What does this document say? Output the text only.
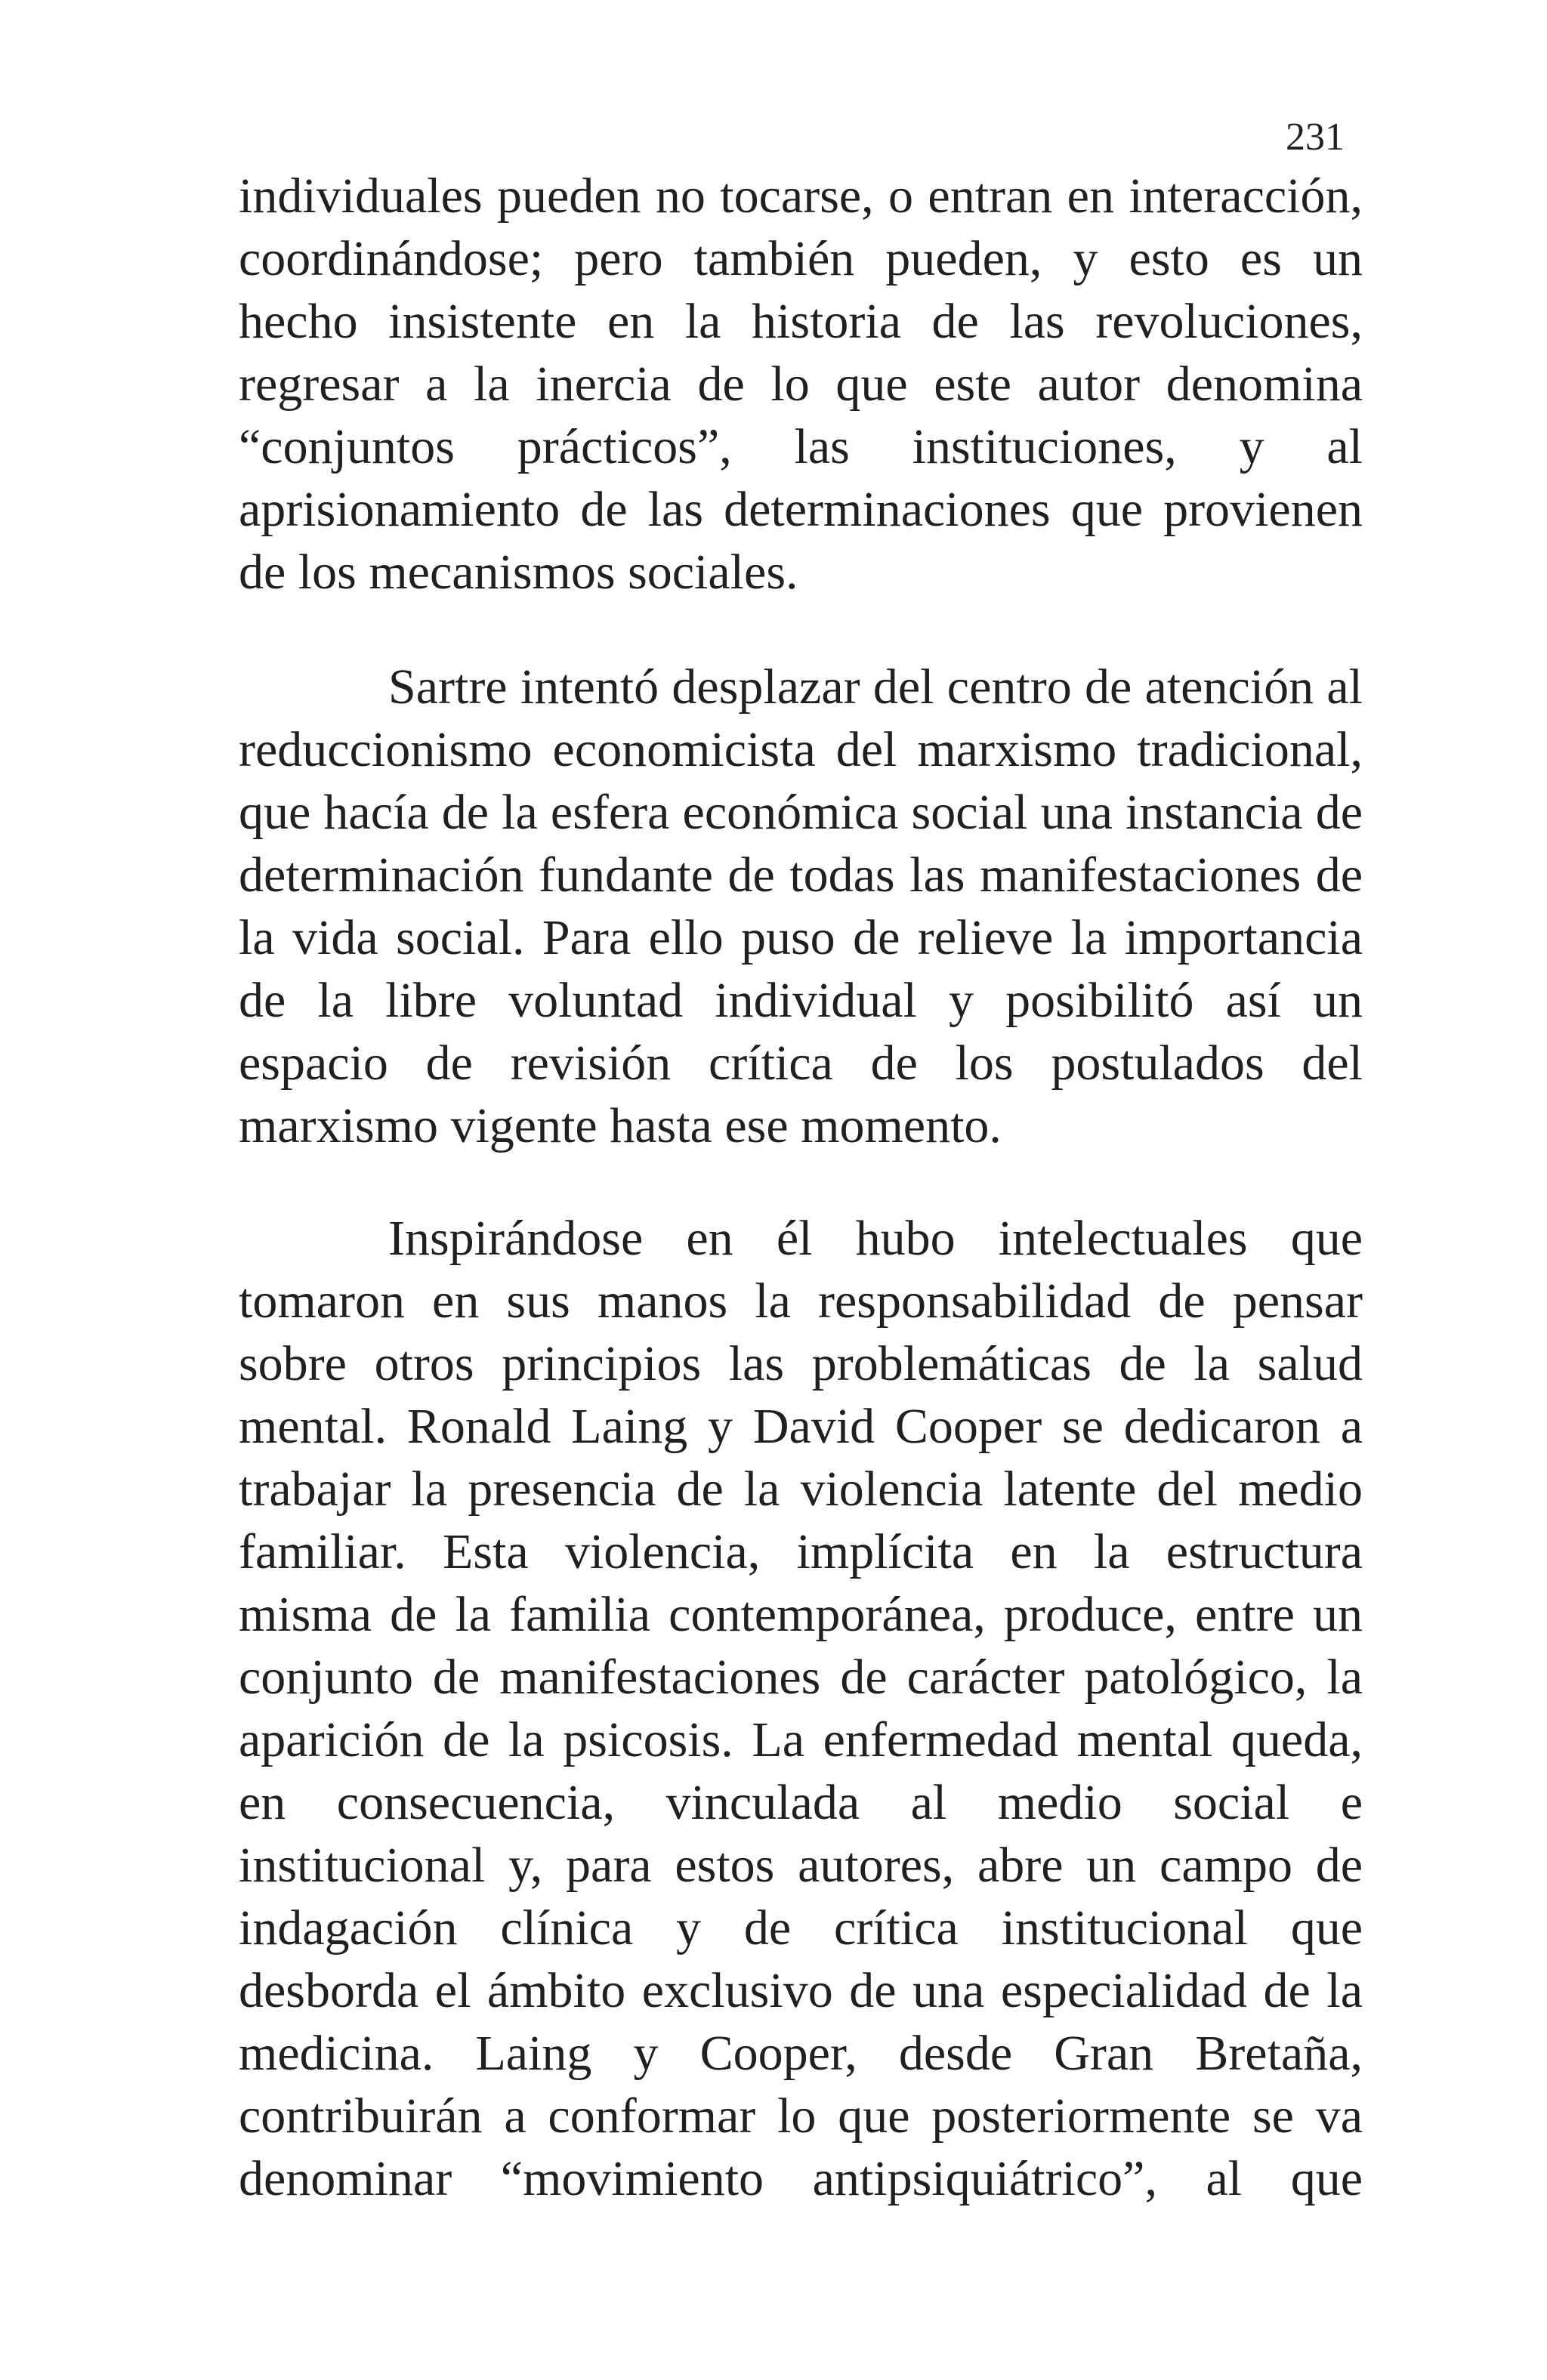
231

individuales pueden no tocarse, o entran en interacción, coordinándose; pero también pueden, y esto es un hecho insistente en la historia de las revoluciones, regresar a la inercia de lo que este autor denomina “conjuntos prácticos”, las instituciones, y al aprisionamiento de las determinaciones que provienen de los mecanismos sociales.

Sartre intentó desplazar del centro de atención al reduccionismo economicista del marxismo tradicional, que hacía de la esfera económica social una instancia de determinación fundante de todas las manifestaciones de la vida social. Para ello puso de relieve la importancia de la libre voluntad individual y posibilitó así un espacio de revisión crítica de los postulados del marxismo vigente hasta ese momento.

Inspirándose en él hubo intelectuales que tomaron en sus manos la responsabilidad de pensar sobre otros principios las problemáticas de la salud mental. Ronald Laing y David Cooper se dedicaron a trabajar la presencia de la violencia latente del medio familiar. Esta violencia, implícita en la estructura misma de la familia contemporánea, produce, entre un conjunto de manifestaciones de carácter patológico, la aparición de la psicosis. La enfermedad mental queda, en consecuencia, vinculada al medio social e institucional y, para estos autores, abre un campo de indagación clínica y de crítica institucional que desborda el ámbito exclusivo de una especialidad de la medicina. Laing y Cooper, desde Gran Bretaña, contribuirán a conformar lo que posteriormente se va denominar “movimiento antipsiquiátrico”, al que
